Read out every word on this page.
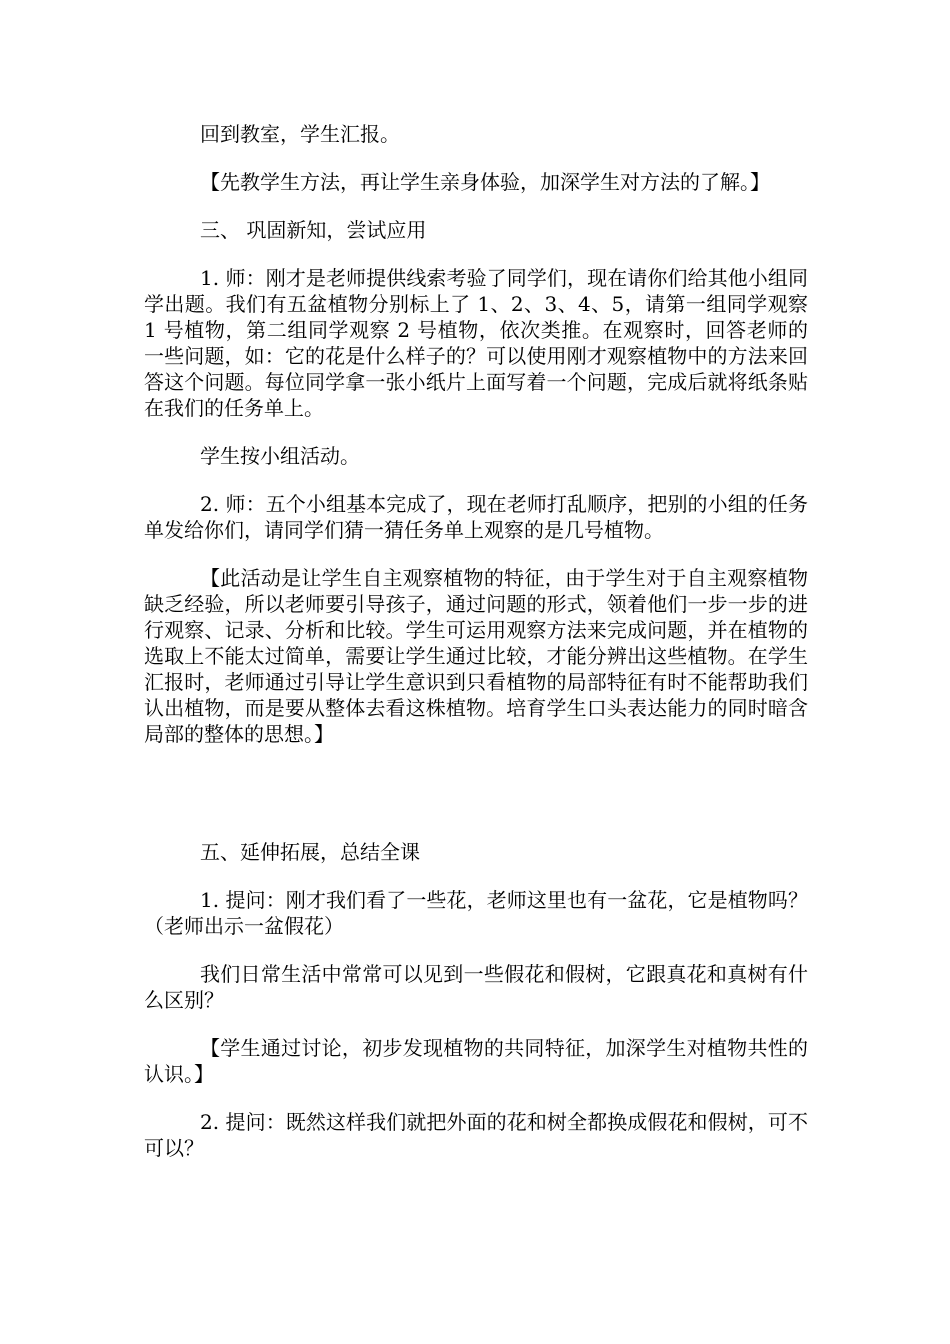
回到教室，学生汇报。

【先教学生方法，再让学生亲身体验，加深学生对方法的了解。】

三、 巩固新知，尝试应用

1. 师：刚才是老师提供线索考验了同学们，现在请你们给其他小组同学出题。我们有五盆植物分别标上了 1、2、3、4、5，请第一组同学观察 1 号植物，第二组同学观察 2 号植物，依次类推。在观察时，回答老师的一些问题，如：它的花是什么样子的？可以使用刚才观察植物中的方法来回答这个问题。每位同学拿一张小纸片上面写着一个问题，完成后就将纸条贴在我们的任务单上。

学生按小组活动。

2. 师：五个小组基本完成了，现在老师打乱顺序，把别的小组的任务单发给你们，请同学们猜一猜任务单上观察的是几号植物。

【此活动是让学生自主观察植物的特征，由于学生对于自主观察植物缺乏经验，所以老师要引导孩子，通过问题的形式，领着他们一步一步的进行观察、记录、分析和比较。学生可运用观察方法来完成问题，并在植物的选取上不能太过简单，需要让学生通过比较，才能分辨出这些植物。在学生汇报时，老师通过引导让学生意识到只看植物的局部特征有时不能帮助我们认出植物，而是要从整体去看这株植物。培育学生口头表达能力的同时暗含局部的整体的思想。】

五、延伸拓展，总结全课

1. 提问：刚才我们看了一些花，老师这里也有一盆花，它是植物吗？（老师出示一盆假花）

我们日常生活中常常可以见到一些假花和假树，它跟真花和真树有什么区别？

【学生通过讨论，初步发现植物的共同特征，加深学生对植物共性的认识。】

2. 提问：既然这样我们就把外面的花和树全都换成假花和假树，可不可以？
